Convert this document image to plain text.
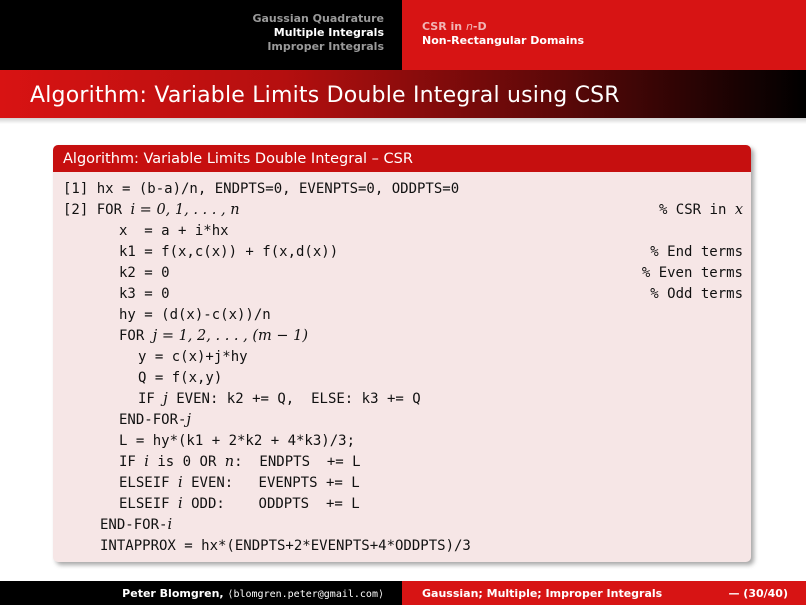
Gaussian Quadrature
Multiple Integrals
Improper Integrals
CSR in n-D
Non-Rectangular Domains
Algorithm: Variable Limits Double Integral using CSR
Algorithm: Variable Limits Double Integral – CSR

[1] hx = (b-a)/n, ENDPTS=0, EVENPTS=0, ODDPTS=0

[2] FOR i = 0, 1, . . . , n

	% CSR in x

x  = a + i*hx

k1 = f(x,c(x)) + f(x,d(x))

	% End terms

k2 = 0

	% Even terms

k3 = 0

	% Odd terms

hy = (d(x)-c(x))/n

FOR j = 1, 2, . . . , (m − 1)

y = c(x)+j*hy

Q = f(x,y)

IF j EVEN: k2 += Q,  ELSE: k3 += Q

END-FOR-j

L = hy*(k1 + 2*k2 + 4*k3)/3;

IF i is 0 OR n:  ENDPTS  += L

ELSEIF i EVEN:   EVENPTS += L

ELSEIF i ODD:    ODDPTS  += L

END-FOR-i

INTAPPROX = hx*(ENDPTS+2*EVENPTS+4*ODDPTS)/3

Peter Blomgren, ⟨blomgren.peter@gmail.com⟩	Gaussian; Multiple; Improper Integrals	— (30/40)
